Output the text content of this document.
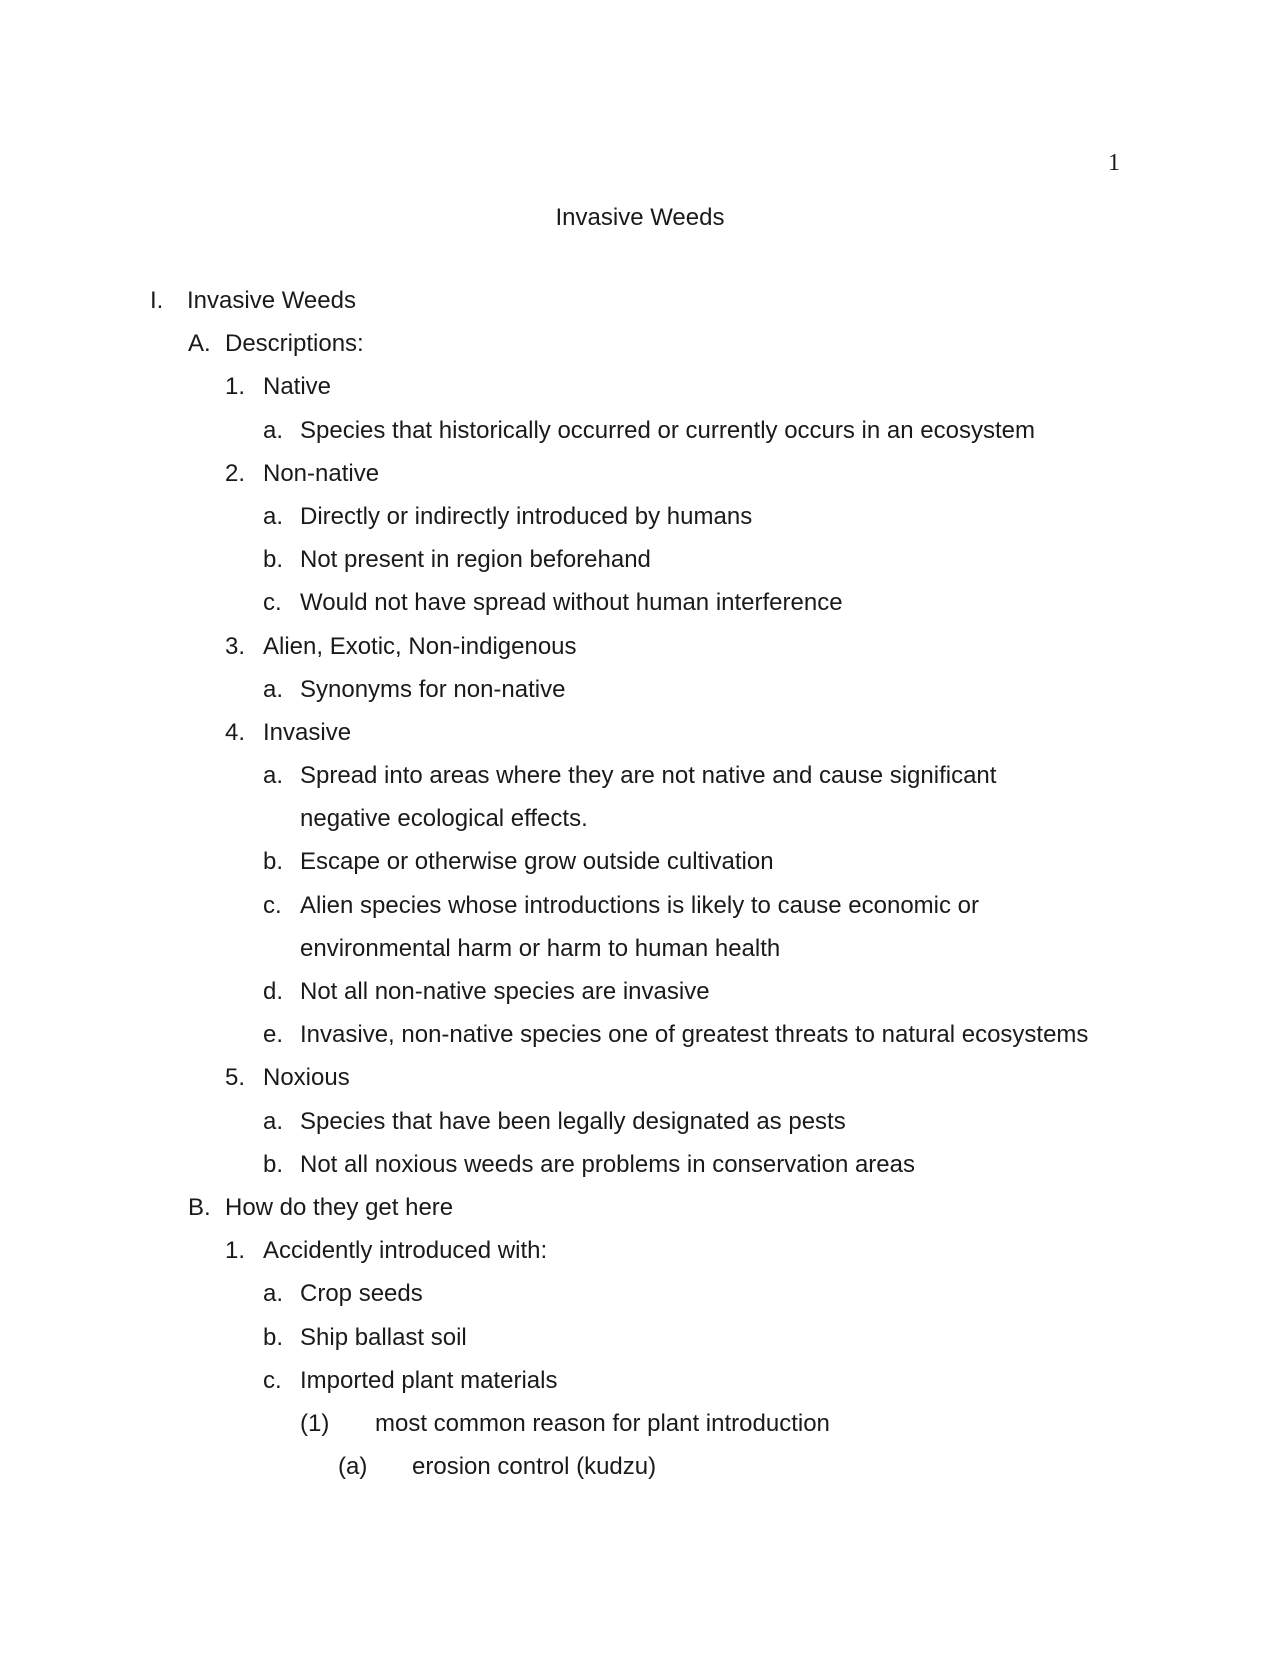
1
Invasive Weeds
I. Invasive Weeds
A. Descriptions:
1. Native
a. Species that historically occurred or currently occurs in an ecosystem
2. Non-native
a. Directly or indirectly introduced by humans
b. Not present in region beforehand
c. Would not have spread without human interference
3. Alien, Exotic, Non-indigenous
a. Synonyms for non-native
4. Invasive
a. Spread into areas where they are not native and cause significant
negative ecological effects.
b. Escape or otherwise grow outside cultivation
c. Alien species whose introductions is likely to cause economic or
environmental harm or harm to human health
d. Not all non-native species are invasive
e. Invasive, non-native species one of greatest threats to natural ecosystems
5. Noxious
a. Species that have been legally designated as pests
b. Not all noxious weeds are problems in conservation areas
B. How do they get here
1. Accidently introduced with:
a. Crop seeds
b. Ship ballast soil
c. Imported plant materials
(1) most common reason for plant introduction
(a) erosion control (kudzu)
